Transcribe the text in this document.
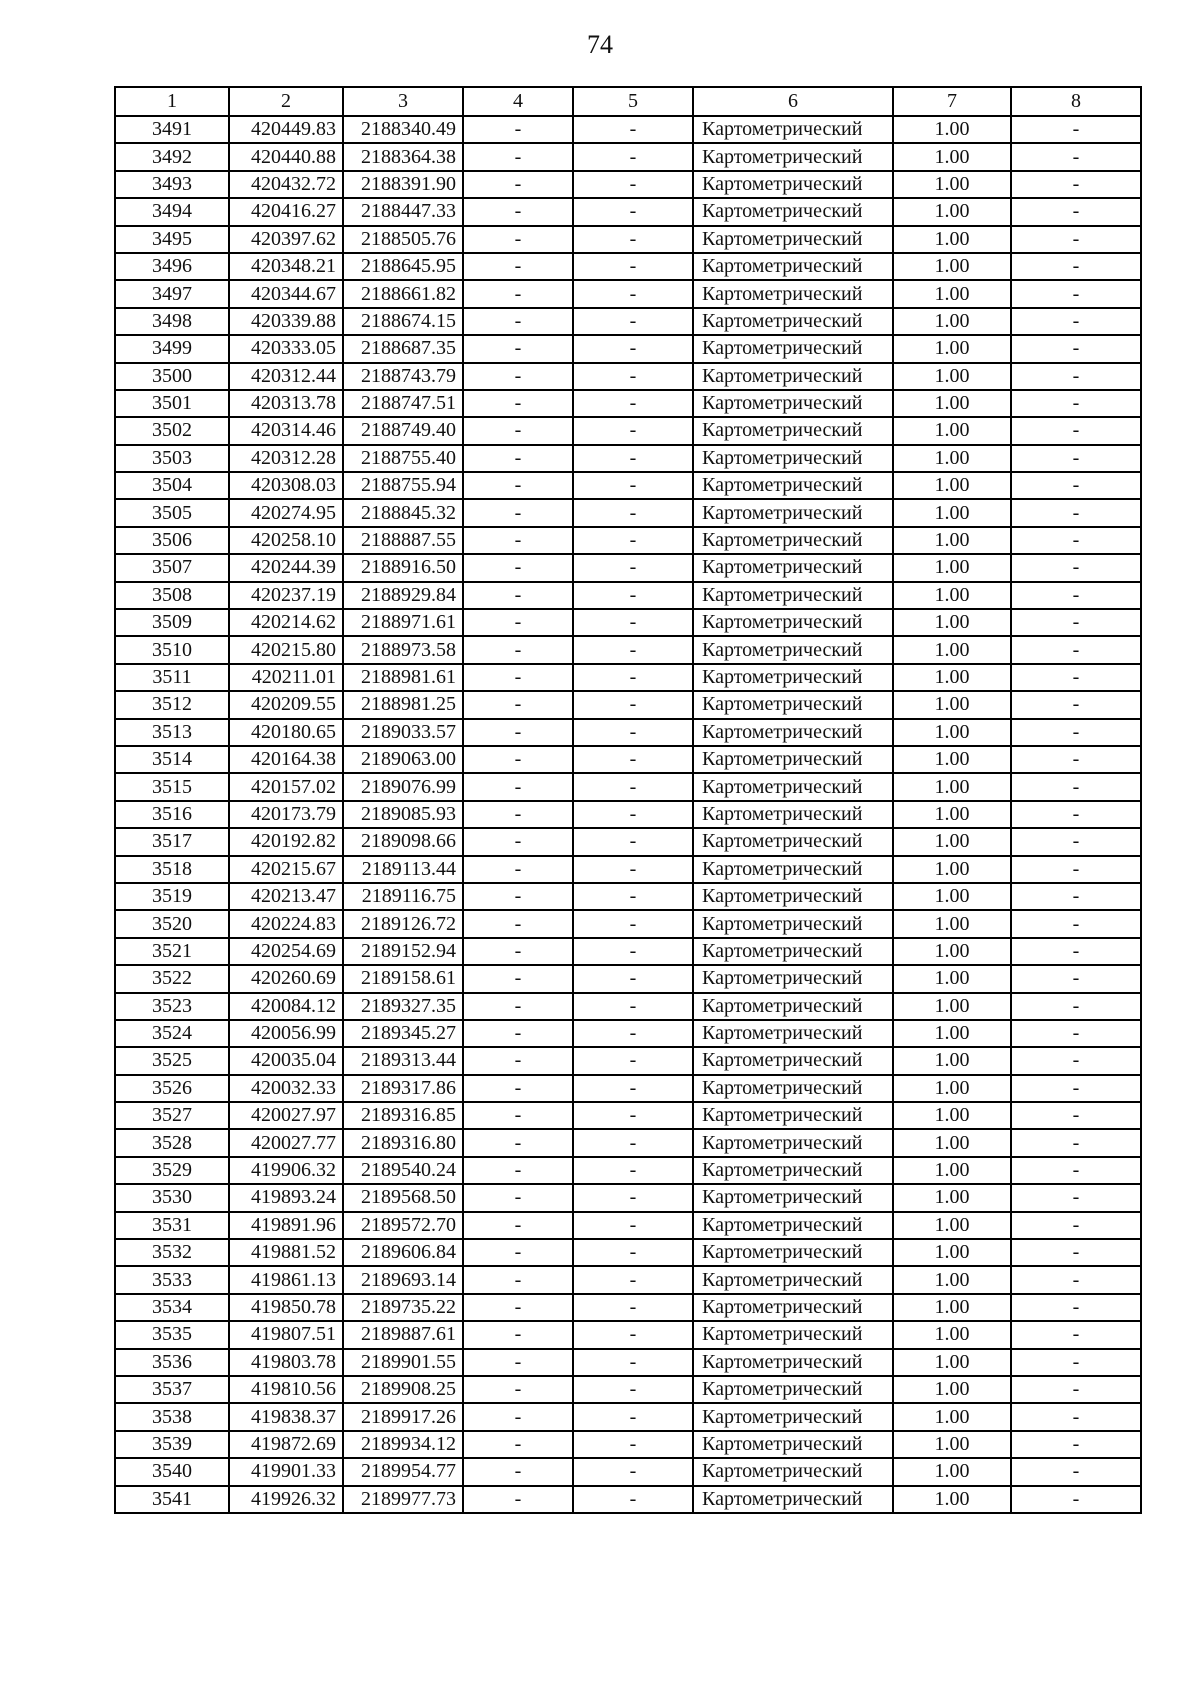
74
1	2	3	4	5	6	7	8
3491	420449.83	2188340.49	-	-	Картометрический	1.00	-
3492	420440.88	2188364.38	-	-	Картометрический	1.00	-
3493	420432.72	2188391.90	-	-	Картометрический	1.00	-
3494	420416.27	2188447.33	-	-	Картометрический	1.00	-
3495	420397.62	2188505.76	-	-	Картометрический	1.00	-
3496	420348.21	2188645.95	-	-	Картометрический	1.00	-
3497	420344.67	2188661.82	-	-	Картометрический	1.00	-
3498	420339.88	2188674.15	-	-	Картометрический	1.00	-
3499	420333.05	2188687.35	-	-	Картометрический	1.00	-
3500	420312.44	2188743.79	-	-	Картометрический	1.00	-
3501	420313.78	2188747.51	-	-	Картометрический	1.00	-
3502	420314.46	2188749.40	-	-	Картометрический	1.00	-
3503	420312.28	2188755.40	-	-	Картометрический	1.00	-
3504	420308.03	2188755.94	-	-	Картометрический	1.00	-
3505	420274.95	2188845.32	-	-	Картометрический	1.00	-
3506	420258.10	2188887.55	-	-	Картометрический	1.00	-
3507	420244.39	2188916.50	-	-	Картометрический	1.00	-
3508	420237.19	2188929.84	-	-	Картометрический	1.00	-
3509	420214.62	2188971.61	-	-	Картометрический	1.00	-
3510	420215.80	2188973.58	-	-	Картометрический	1.00	-
3511	420211.01	2188981.61	-	-	Картометрический	1.00	-
3512	420209.55	2188981.25	-	-	Картометрический	1.00	-
3513	420180.65	2189033.57	-	-	Картометрический	1.00	-
3514	420164.38	2189063.00	-	-	Картометрический	1.00	-
3515	420157.02	2189076.99	-	-	Картометрический	1.00	-
3516	420173.79	2189085.93	-	-	Картометрический	1.00	-
3517	420192.82	2189098.66	-	-	Картометрический	1.00	-
3518	420215.67	2189113.44	-	-	Картометрический	1.00	-
3519	420213.47	2189116.75	-	-	Картометрический	1.00	-
3520	420224.83	2189126.72	-	-	Картометрический	1.00	-
3521	420254.69	2189152.94	-	-	Картометрический	1.00	-
3522	420260.69	2189158.61	-	-	Картометрический	1.00	-
3523	420084.12	2189327.35	-	-	Картометрический	1.00	-
3524	420056.99	2189345.27	-	-	Картометрический	1.00	-
3525	420035.04	2189313.44	-	-	Картометрический	1.00	-
3526	420032.33	2189317.86	-	-	Картометрический	1.00	-
3527	420027.97	2189316.85	-	-	Картометрический	1.00	-
3528	420027.77	2189316.80	-	-	Картометрический	1.00	-
3529	419906.32	2189540.24	-	-	Картометрический	1.00	-
3530	419893.24	2189568.50	-	-	Картометрический	1.00	-
3531	419891.96	2189572.70	-	-	Картометрический	1.00	-
3532	419881.52	2189606.84	-	-	Картометрический	1.00	-
3533	419861.13	2189693.14	-	-	Картометрический	1.00	-
3534	419850.78	2189735.22	-	-	Картометрический	1.00	-
3535	419807.51	2189887.61	-	-	Картометрический	1.00	-
3536	419803.78	2189901.55	-	-	Картометрический	1.00	-
3537	419810.56	2189908.25	-	-	Картометрический	1.00	-
3538	419838.37	2189917.26	-	-	Картометрический	1.00	-
3539	419872.69	2189934.12	-	-	Картометрический	1.00	-
3540	419901.33	2189954.77	-	-	Картометрический	1.00	-
3541	419926.32	2189977.73	-	-	Картометрический	1.00	-
